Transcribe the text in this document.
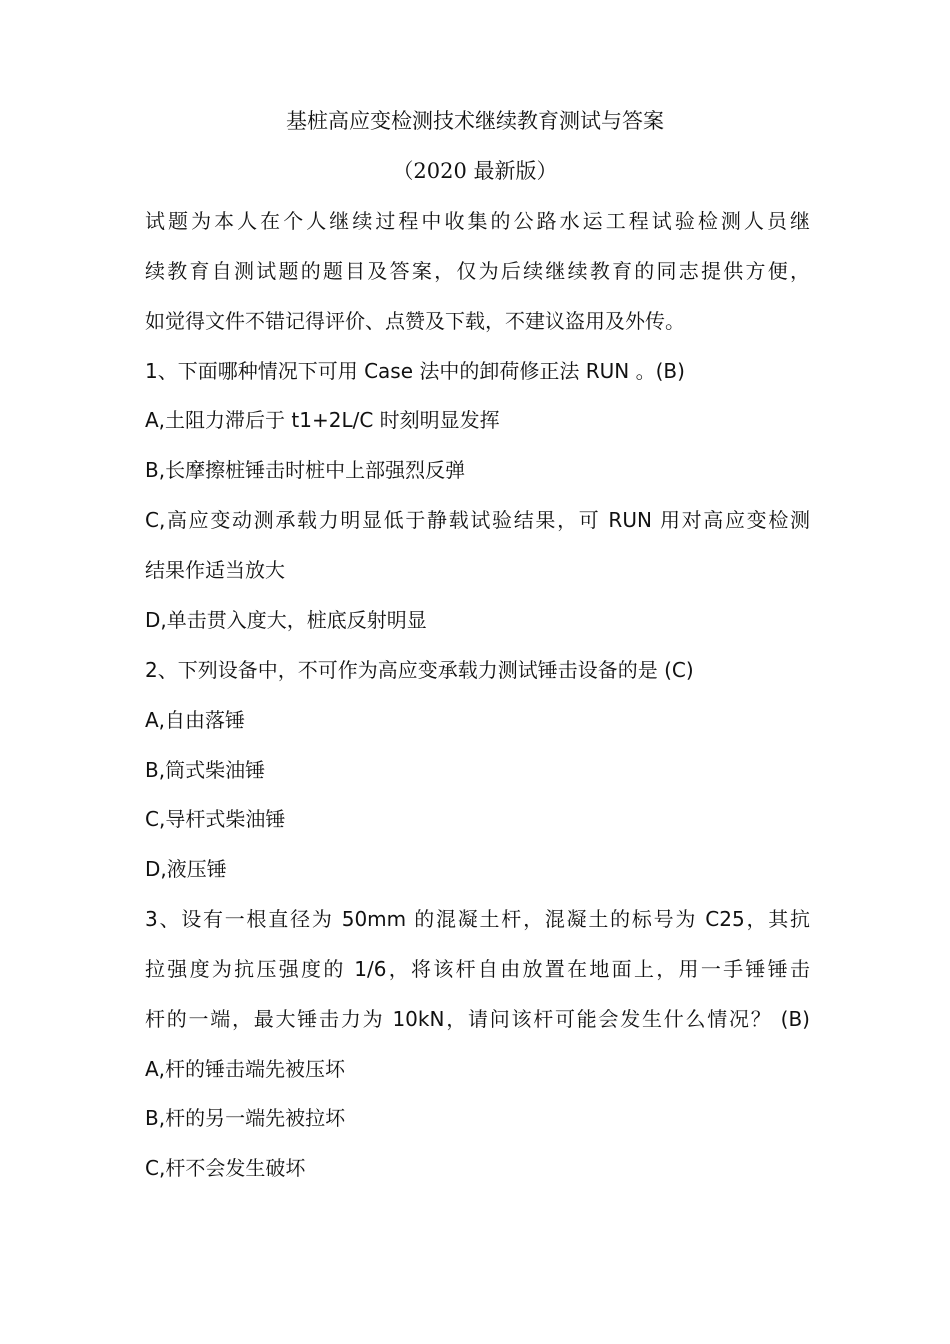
基桩高应变检测技术继续教育测试与答案
（2020 最新版）
试题为本人在个人继续过程中收集的公路水运工程试验检测人员继
续教育自测试题的题目及答案，仅为后续继续教育的同志提供方便，
如觉得文件不错记得评价、点赞及下载，不建议盗用及外传。
1、下面哪种情况下可用 Case 法中的卸荷修正法 RUN 。(B)
A,土阻力滞后于 t1+2L/C 时刻明显发挥
B,长摩擦桩锤击时桩中上部强烈反弹
C,高应变动测承载力明显低于静载试验结果，可 RUN 用对高应变检测
结果作适当放大
D,单击贯入度大，桩底反射明显
2、下列设备中，不可作为高应变承载力测试锤击设备的是 (C)
A,自由落锤
B,筒式柴油锤
C,导杆式柴油锤
D,液压锤
3、设有一根直径为 50mm 的混凝土杆，混凝土的标号为 C25，其抗
拉强度为抗压强度的 1/6，将该杆自由放置在地面上，用一手锤锤击
杆的一端，最大锤击力为 10kN，请问该杆可能会发生什么情况？ (B)
A,杆的锤击端先被压坏
B,杆的另一端先被拉坏
C,杆不会发生破坏
